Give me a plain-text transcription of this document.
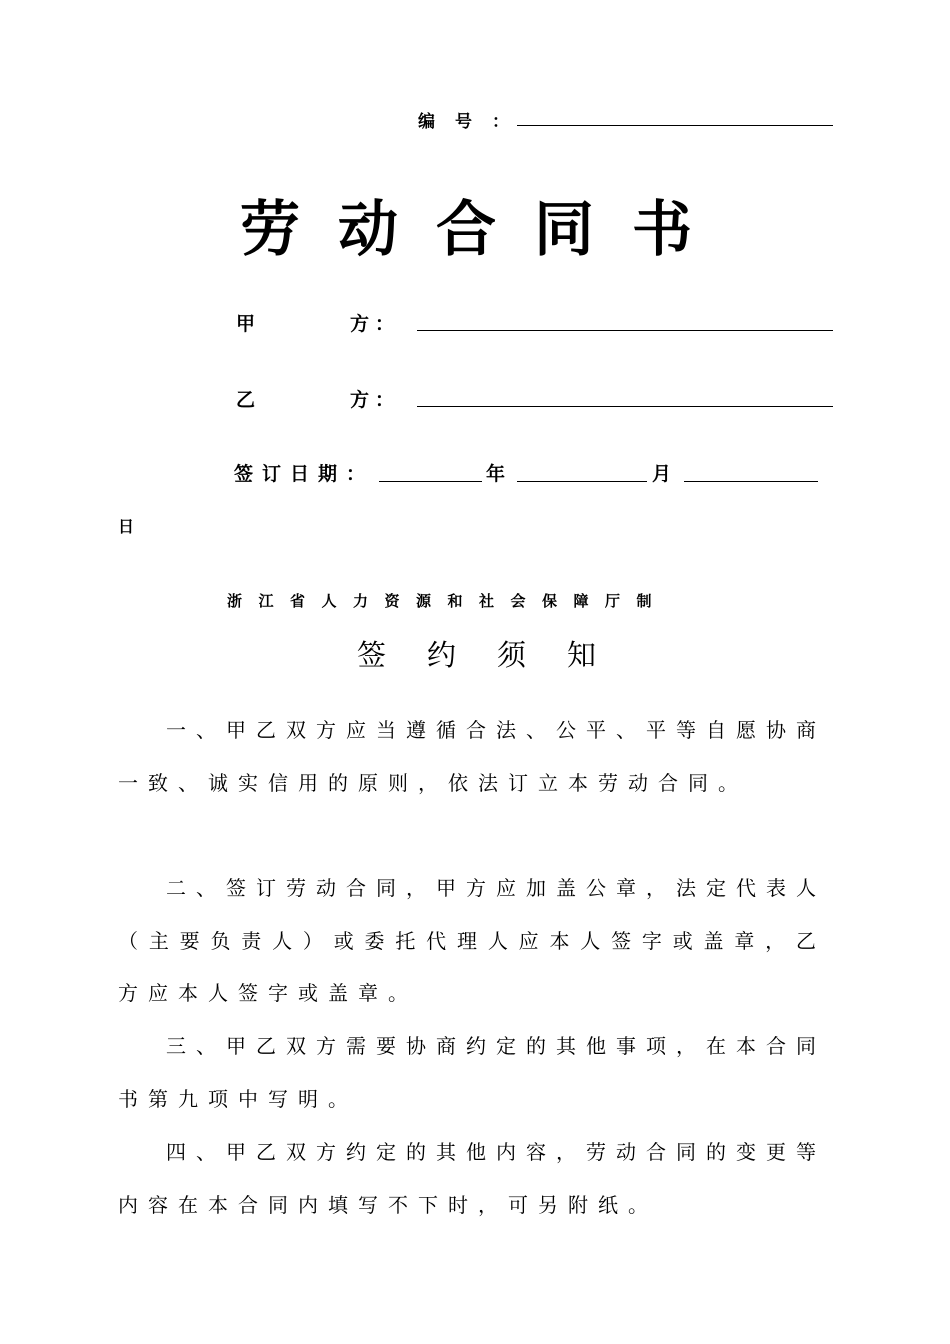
编号：
劳动合同书
甲	方：
乙	方：
签订日期：	年	月
日
浙江省人力资源和社会保障厅制
签约须知
一、甲乙双方应当遵循合法、公平、平等自愿协商一致、诚实信用的原则，依法订立本劳动合同。
二、签订劳动合同，甲方应加盖公章，法定代表人（主要负责人）或委托代理人应本人签字或盖章，乙方应本人签字或盖章。
三、甲乙双方需要协商约定的其他事项，在本合同书第九项中写明。
四、甲乙双方约定的其他内容，劳动合同的变更等内容在本合同内填写不下时，可另附纸。
